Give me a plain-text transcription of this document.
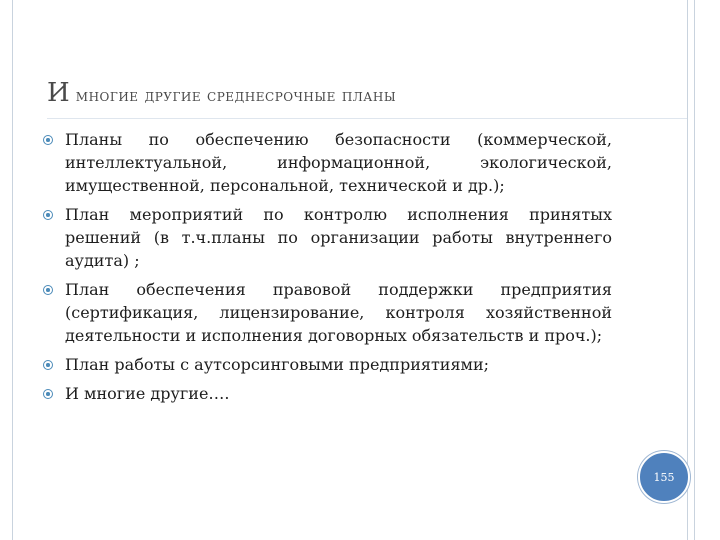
И многие другие среднесрочные планы
Планы по обеспечению безопасности (коммерческой, интеллектуальной, информационной, экологической, имущественной, персональной, технической и др.);
План мероприятий по контролю исполнения принятых решений (в т.ч.планы по организации работы внутреннего аудита) ;
План обеспечения правовой поддержки предприятия (сертификация, лицензирование, контроля хозяйственной деятельности и исполнения договорных обязательств и проч.);
План работы с аутсорсинговыми предприятиями;
И многие другие….
155
